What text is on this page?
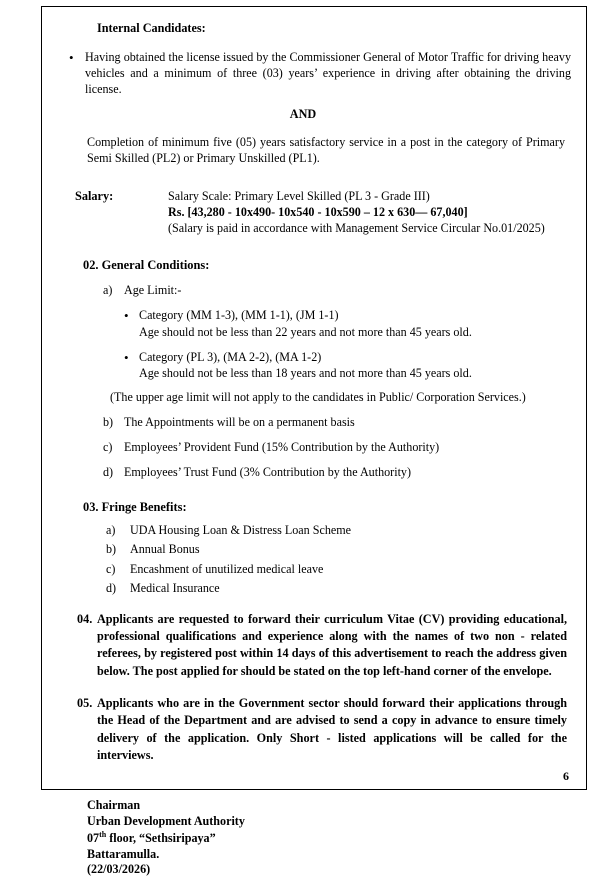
Internal Candidates:
• Having obtained the license issued by the Commissioner General of Motor Traffic for driving heavy vehicles and a minimum of three (03) years’ experience in driving after obtaining the driving license.
AND
Completion of minimum five (05) years satisfactory service in a post in the category of Primary Semi Skilled (PL2) or Primary Unskilled (PL1).
Salary:	Salary Scale: Primary Level Skilled (PL 3 - Grade III)
Rs. [43,280 - 10x490- 10x540 - 10x590 – 12 x 630— 67,040]
(Salary is paid in accordance with Management Service Circular No.01/2025)
02. General Conditions:
a) Age Limit:-
• Category (MM 1-3), (MM 1-1), (JM 1-1)
Age should not be less than 22 years and not more than 45 years old.
• Category (PL 3), (MA 2-2), (MA 1-2)
Age should not be less than 18 years and not more than 45 years old.
(The upper age limit will not apply to the candidates in Public/ Corporation Services.)
b) The Appointments will be on a permanent basis
c) Employees’ Provident Fund (15% Contribution by the Authority)
d) Employees’ Trust Fund (3% Contribution by the Authority)
03. Fringe Benefits:
a)	UDA Housing Loan & Distress Loan Scheme
b)	Annual Bonus
c)	Encashment of unutilized medical leave
d)	Medical Insurance
04. Applicants are requested to forward their curriculum Vitae (CV) providing educational, professional qualifications and experience along with the names of two non - related referees, by registered post within 14 days of this advertisement to reach the address given below. The post applied for should be stated on the top left-hand corner of the envelope.
05. Applicants who are in the Government sector should forward their applications through the Head of the Department and are advised to send a copy in advance to ensure timely delivery of the application. Only Short - listed applications will be called for the interviews.
Chairman
Urban Development Authority
07th floor, “Sethsiripaya”
Battaramulla.
(22/03/2026)
6
